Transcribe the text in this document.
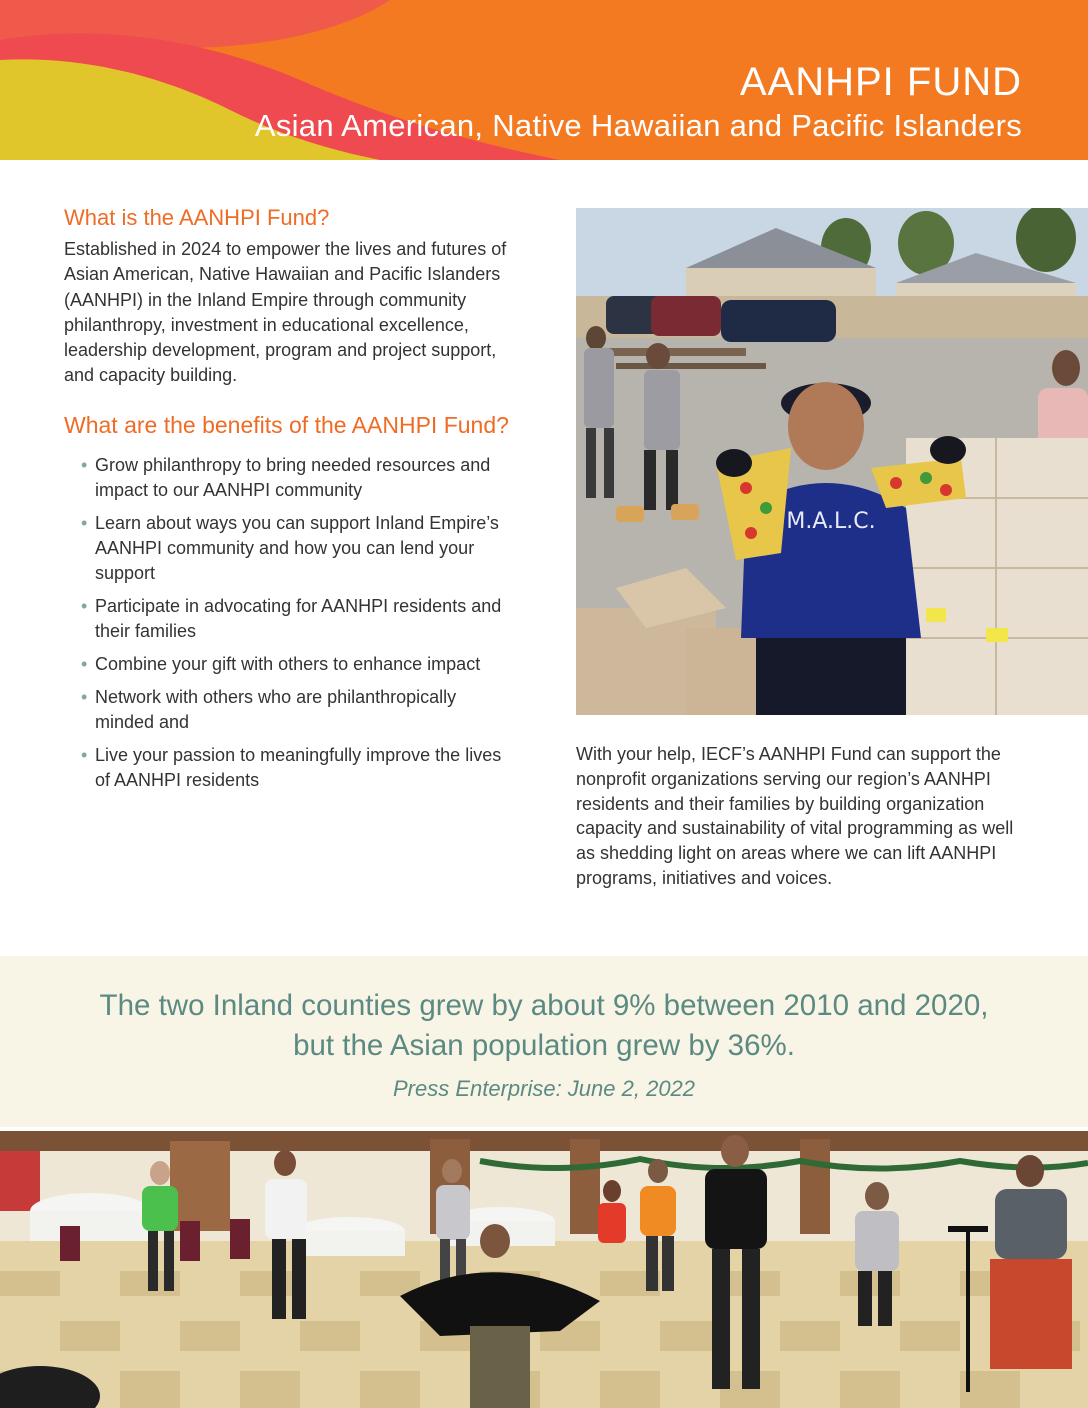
AANHPI FUND
Asian American, Native Hawaiian and Pacific Islanders
What is the AANHPI Fund?

Established in 2024 to empower the lives and futures of Asian American, Native Hawaiian and Pacific Islanders (AANHPI) in the Inland Empire through community philanthropy, investment in educational excellence, leadership development, program and project support, and capacity building.

What are the benefits of the AANHPI Fund?
• Grow philanthropy to bring needed resources and impact to our AANHPI community
• Learn about ways you can support Inland Empire’s AANHPI community and how you can lend your support
• Participate in advocating for AANHPI residents and their families
• Combine your gift with others to enhance impact
• Network with others who are philanthropically minded and
• Live your passion to meaningfully improve the lives of AANHPI residents
M.A.L.C.

With your help, IECF’s AANHPI Fund can support the nonprofit organizations serving our region’s AANHPI residents and their families by building organization capacity and sustainability of vital programming as well as shedding light on areas where we can lift AANHPI programs, initiatives and voices.

The two Inland counties grew by about 9% between 2010 and 2020,
but the Asian population grew by 36%.
Press Enterprise: June 2, 2022
